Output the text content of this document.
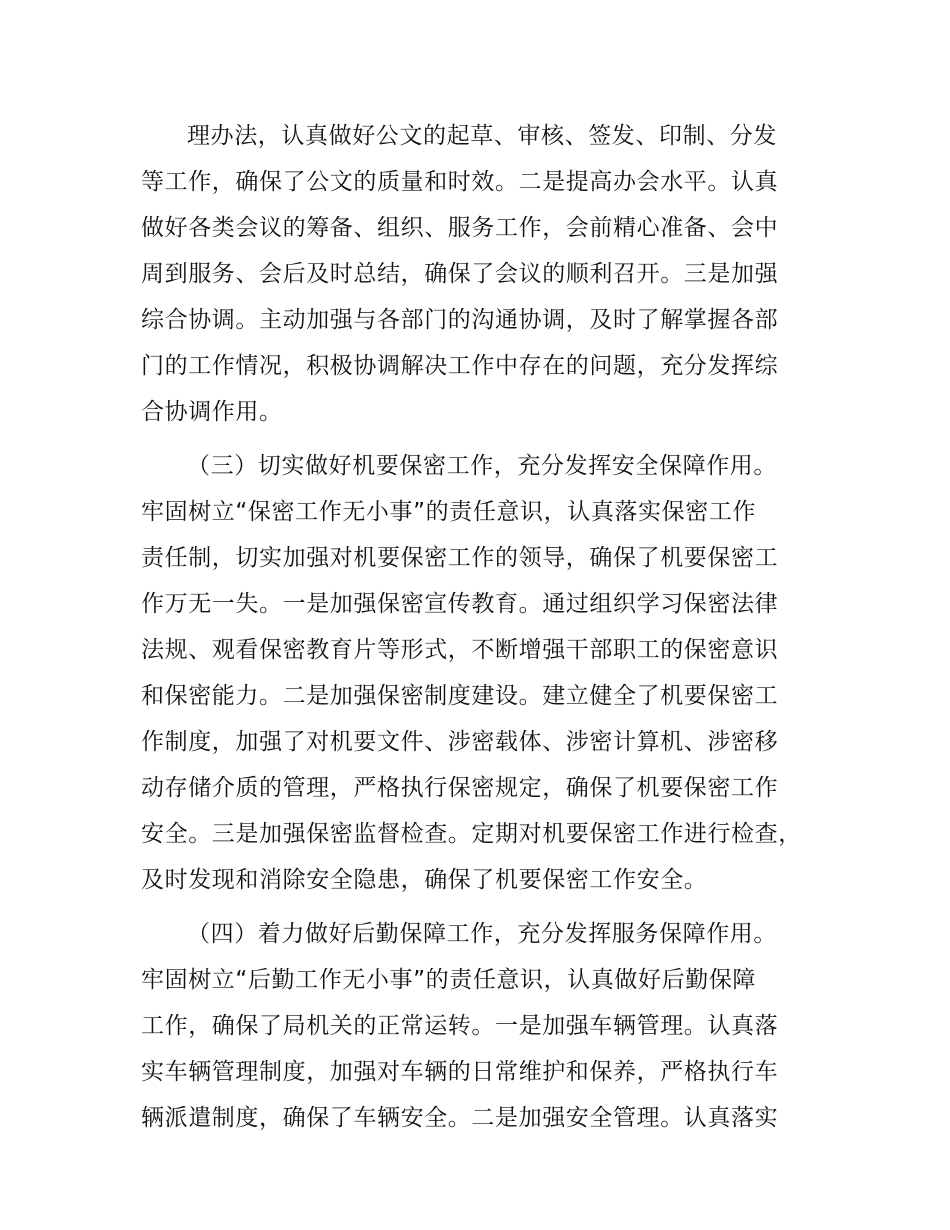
理办法，认真做好公文的起草、审核、签发、印制、分发
等工作，确保了公文的质量和时效。二是提高办会水平。认真
做好各类会议的筹备、组织、服务工作，会前精心准备、会中
周到服务、会后及时总结，确保了会议的顺利召开。三是加强
综合协调。主动加强与各部门的沟通协调，及时了解掌握各部
门的工作情况，积极协调解决工作中存在的问题，充分发挥综
合协调作用。
（三）切实做好机要保密工作，充分发挥安全保障作用。
牢固树立“保密工作无小事”的责任意识，认真落实保密工作
责任制，切实加强对机要保密工作的领导，确保了机要保密工
作万无一失。一是加强保密宣传教育。通过组织学习保密法律
法规、观看保密教育片等形式，不断增强干部职工的保密意识
和保密能力。二是加强保密制度建设。建立健全了机要保密工
作制度，加强了对机要文件、涉密载体、涉密计算机、涉密移
动存储介质的管理，严格执行保密规定，确保了机要保密工作
安全。三是加强保密监督检查。定期对机要保密工作进行检查，
及时发现和消除安全隐患，确保了机要保密工作安全。
（四）着力做好后勤保障工作，充分发挥服务保障作用。
牢固树立“后勤工作无小事”的责任意识，认真做好后勤保障
工作，确保了局机关的正常运转。一是加强车辆管理。认真落
实车辆管理制度，加强对车辆的日常维护和保养，严格执行车
辆派遣制度，确保了车辆安全。二是加强安全管理。认真落实
